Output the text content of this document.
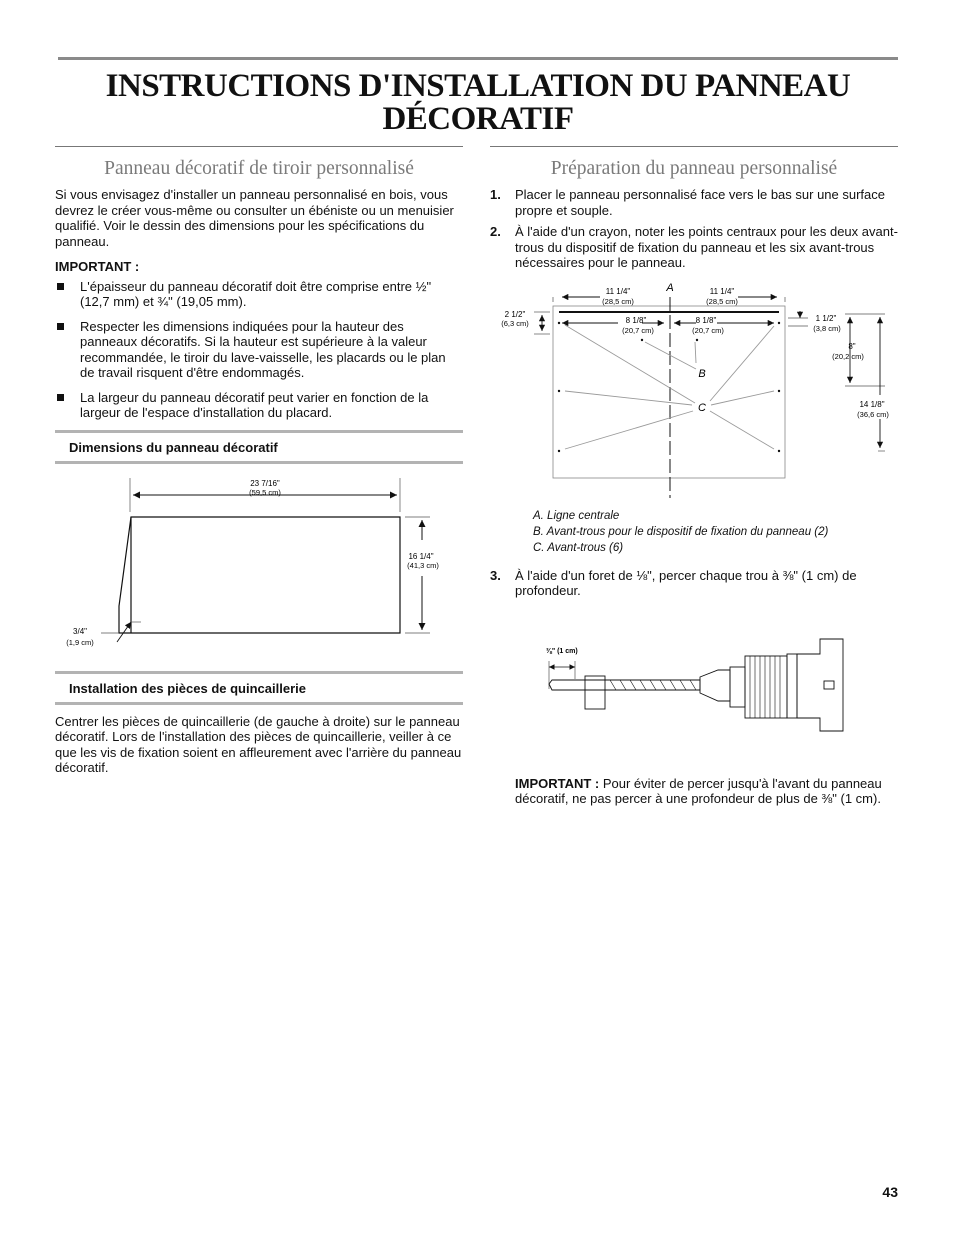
INSTRUCTIONS D'INSTALLATION DU PANNEAU
DÉCORATIF
Panneau décoratif de tiroir personnalisé

Si vous envisagez d'installer un panneau personnalisé en bois, vous devrez le créer vous-même ou consulter un ébéniste ou un menuisier qualifié. Voir le dessin des dimensions pour les spécifications du panneau.

IMPORTANT :

L'épaisseur du panneau décoratif doit être comprise entre ½" (12,7 mm) et ¾" (19,05 mm).
Respecter les dimensions indiquées pour la hauteur des panneaux décoratifs. Si la hauteur est supérieure à la valeur recommandée, le tiroir du lave-vaisselle, les placards ou le plan de travail risquent d'être endommagés.
La largeur du panneau décoratif peut varier en fonction de la largeur de l'espace d'installation du placard.
Dimensions du panneau décoratif
23 7/16"
(59,5 cm)
16 1/4"
(41,3 cm)
3/4"
(1,9 cm)
Installation des pièces de quincaillerie

Centrer les pièces de quincaillerie (de gauche à droite) sur le panneau décoratif. Lors de l'installation des pièces de quincaillerie, veiller à ce que les vis de fixation soient en affleurement avec l'arrière du panneau décoratif.

Préparation du panneau personnalisé
1. Placer le panneau personnalisé face vers le bas sur une surface propre et souple.
2. À l'aide d'un crayon, noter les points centraux pour les deux avant-trous du dispositif de fixation du panneau et les six avant-trous nécessaires pour le panneau.
11 1/4"
(28,5 cm)
11 1/4"
(28,5 cm)
A
8 1/8"
(20,7 cm)
8 1/8"
(20,7 cm)
B
C
2 1/2"
(6,3 cm)
1 1/2"
(3,8 cm)
8"
(20,2 cm)
14 1/8"
(36,6 cm)
A. Ligne centrale
B. Avant-trous pour le dispositif de fixation du panneau (2)
C. Avant-trous (6)
3. À l'aide d'un foret de ⅛", percer chaque trou à ⅜" (1 cm) de profondeur.
⅜" (1 cm)

IMPORTANT : Pour éviter de percer jusqu'à l'avant du panneau décoratif, ne pas percer à une profondeur de plus de ⅜" (1 cm).

43
